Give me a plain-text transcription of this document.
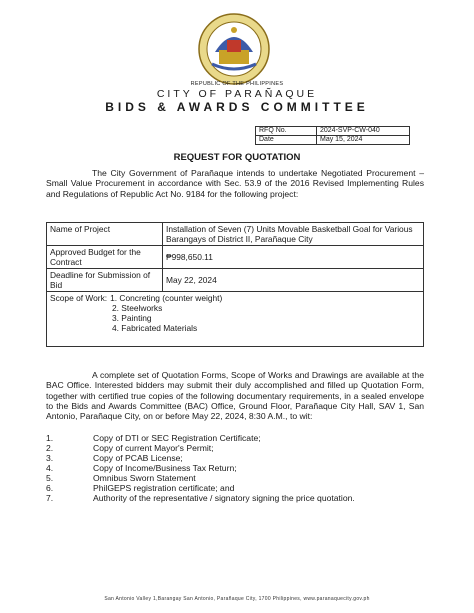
REPUBLIC OF THE PHILIPPINES
CITY OF PARAÑAQUE
BIDS & AWARDS COMMITTEE
RFQ No.	2024-SVP-CW-040
Date	May 15, 2024
REQUEST FOR QUOTATION
The City Government of Parañaque intends to undertake Negotiated Procurement – Small Value Procurement in accordance with Sec. 53.9 of the 2016 Revised Implementing Rules and Regulations of Republic Act No. 9184 for the following project:
Name of Project	Installation of Seven (7) Units Movable Basketball Goal for Various Barangays of District II, Parañaque City
Approved Budget for the Contract	₱998,650.11
Deadline for Submission of Bid	May 22, 2024

Scope of Work: 1. Concreting (counter weight)
2. Steelworks
3. Painting
4. Fabricated Materials	
A complete set of Quotation Forms, Scope of Works and Drawings are available at the BAC Office. Interested bidders may submit their duly accomplished and filled up Quotation Form, together with certified true copies of the following documentary requirements, in a sealed envelope to the Bids and Awards Committee (BAC) Office, Ground Floor, Parañaque City Hall, SAV 1, San Antonio, Parañaque City, on or before May 22, 2024, 8:30 A.M., to wit:
1.	Copy of DTI or SEC Registration Certificate;
2.	Copy of current Mayor's Permit;
3.	Copy of PCAB License;
4.	Copy of Income/Business Tax Return;
5.	Omnibus Sworn Statement
6.	PhilGEPS registration certificate; and
7.	Authority of the representative / signatory signing the price quotation.
San Antonio Valley 1,Barangay San Antonio, Parañaque City, 1700 Philippines, www.paranaquecity.gov.ph
